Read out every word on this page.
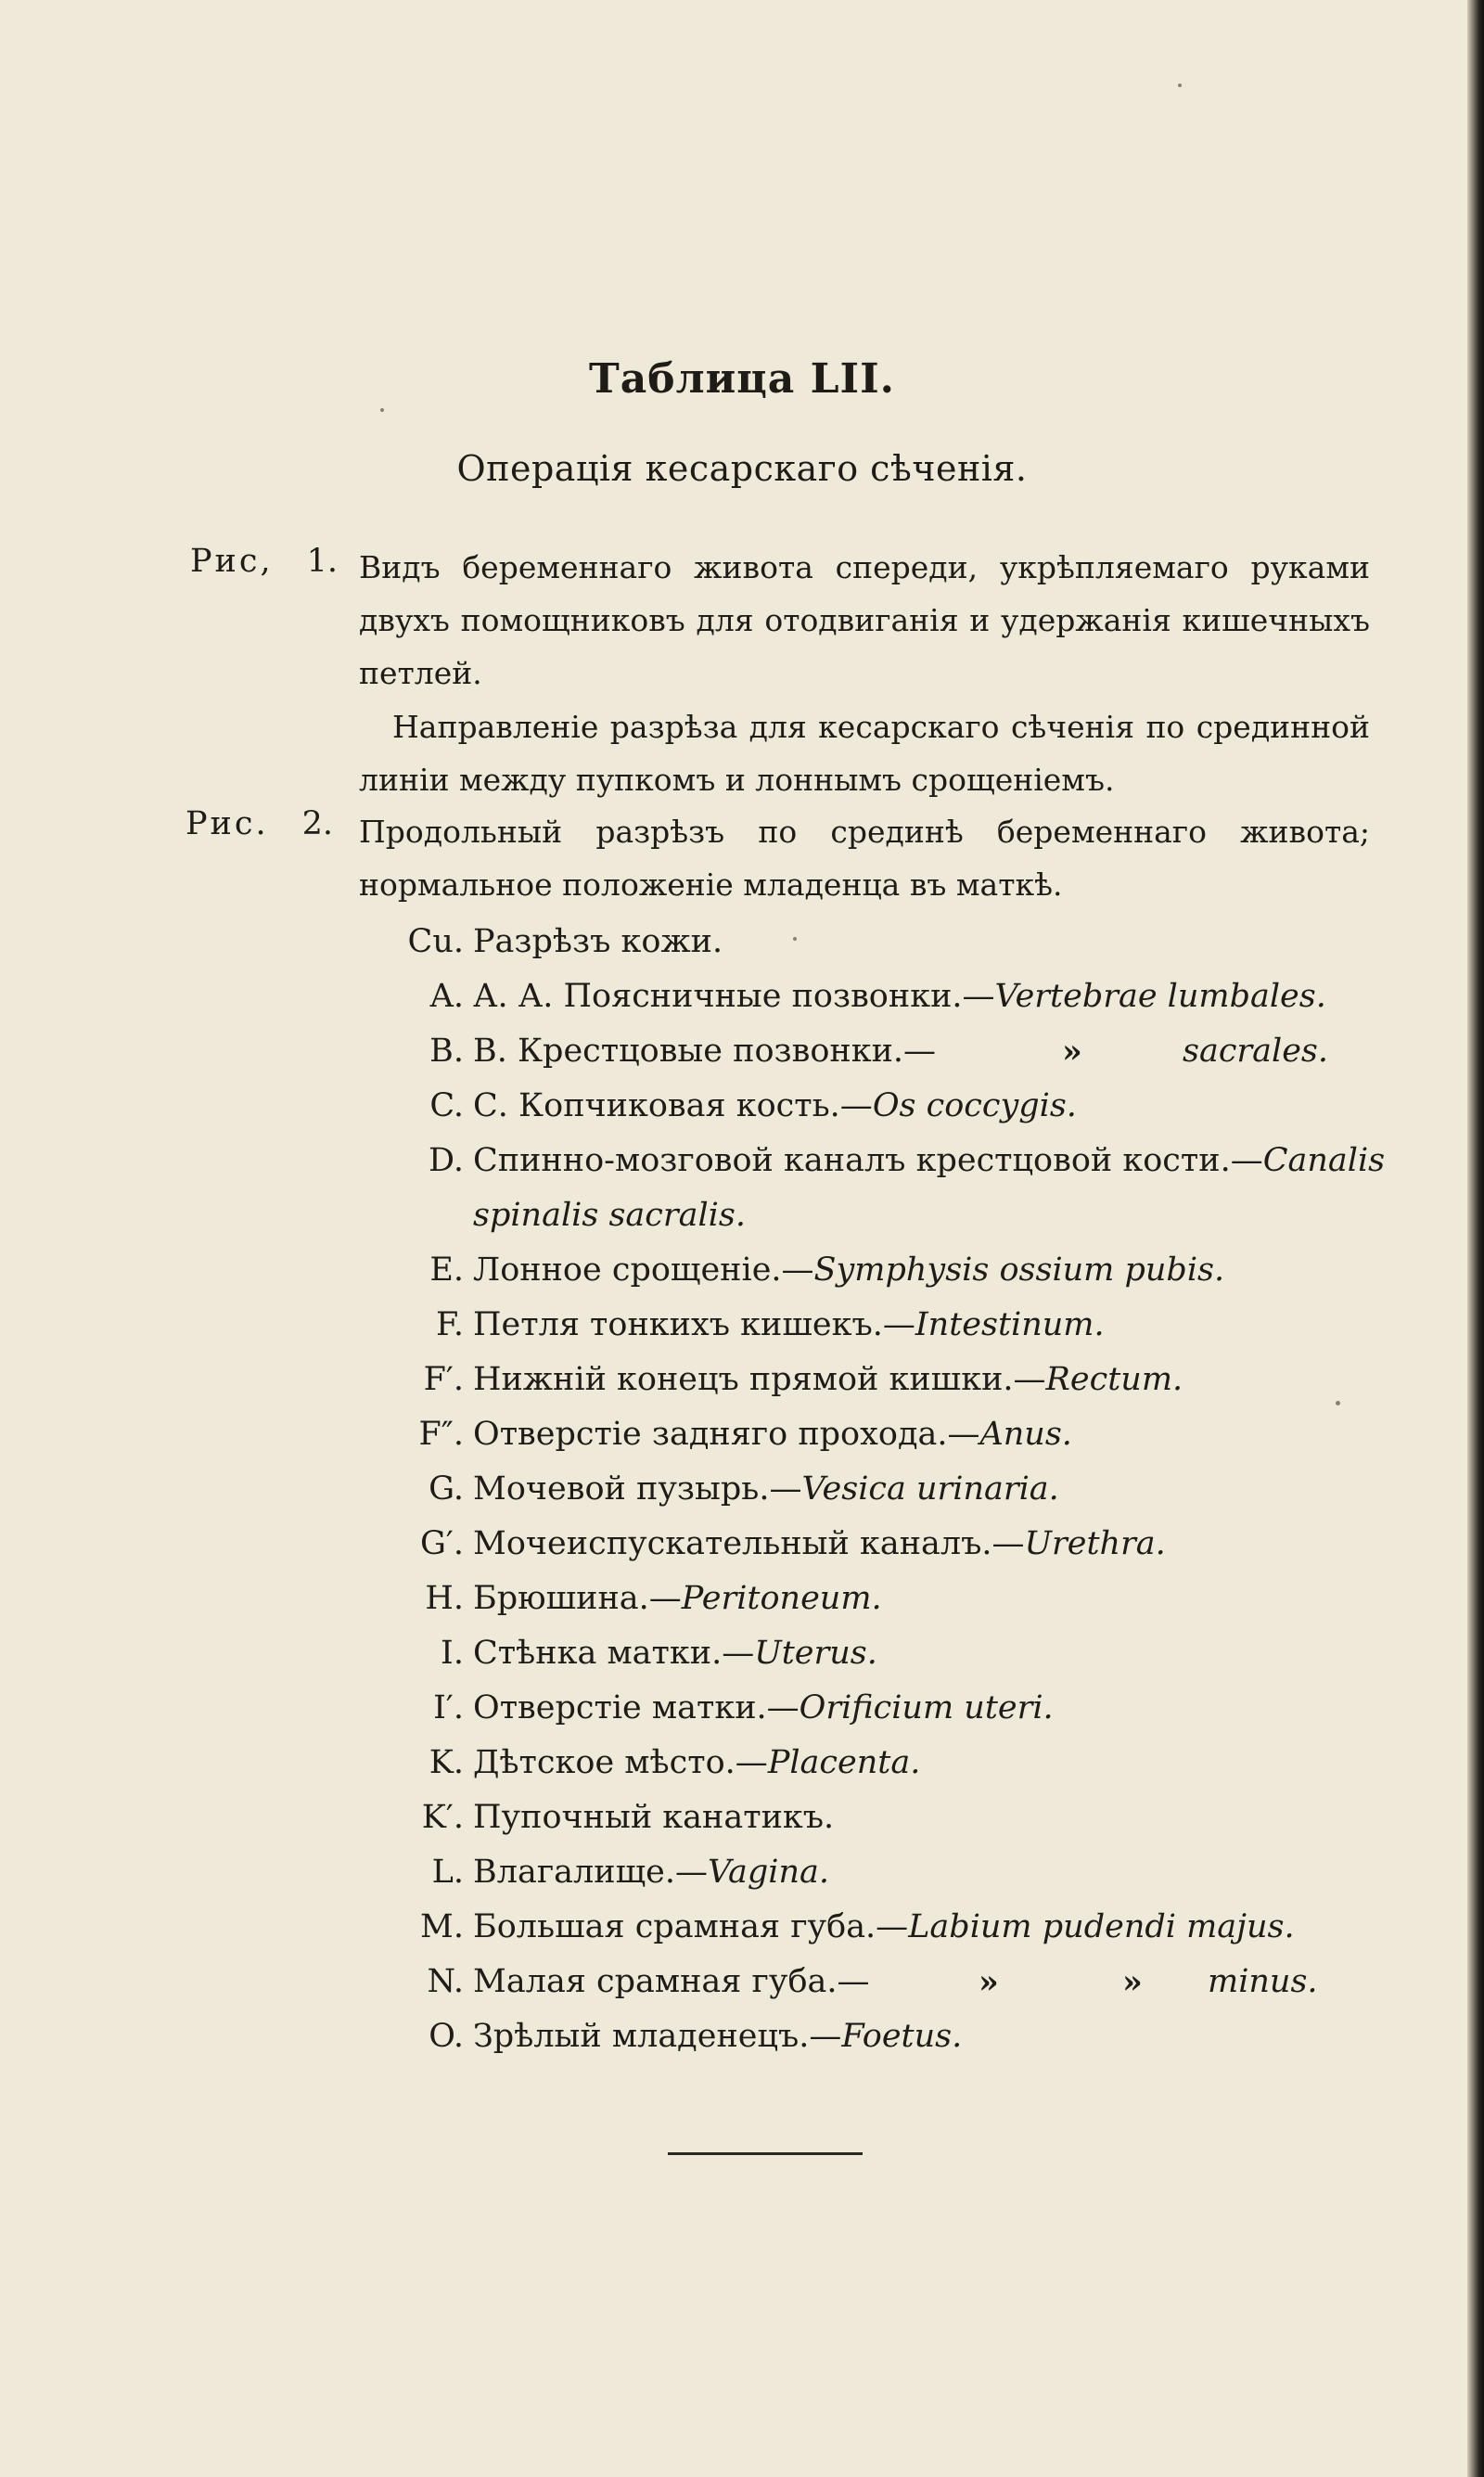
Таблица LII.
Операція кесарскаго сѣченія.
Рис, 1. Видъ беременнаго живота спереди, укрѣпляемаго руками двухъ помощниковъ для отодвиганія и удержанія кишечныхъ петлей.
Направленіе разрѣза для кесарскаго сѣченія по срединной линіи между пупкомъ и лоннымъ срощеніемъ.
Рис. 2. Продольный разрѣзъ по срединѣ беременнаго живота; нормальное положеніе младенца въ маткѣ.
Cu. Разрѣзъ кожи.
A. А. А. Поясничные позвонки.—Vertebrae lumbales.
B. В. Крестцовые позвонки.—	»	sacrales.
C. С. Копчиковая кость.—Os coccygis.
D. Спинно-мозговой каналъ крестцовой кости.—Canalis
spinalis sacralis.
E. Лонное срощеніе.—Symphysis ossium pubis.
F. Петля тонкихъ кишекъ.—Intestinum.
F′. Нижній конецъ прямой кишки.—Rectum.
F″. Отверстіе задняго прохода.—Anus.
G. Мочевой пузырь.—Vesica urinaria.
G′. Мочеиспускательный каналъ.—Urethra.
H. Брюшина.—Peritoneum.
I. Стѣнка матки.—Uterus.
I′. Отверстіе матки.—Orificium uteri.
K. Дѣтское мѣсто.—Placenta.
K′. Пупочный канатикъ.
L. Влагалище.—Vagina.
M. Большая срамная губа.—Labium pudendi majus.
N. Малая срамная губа.—	»	» minus.
O. Зрѣлый младенецъ.—Foetus.
